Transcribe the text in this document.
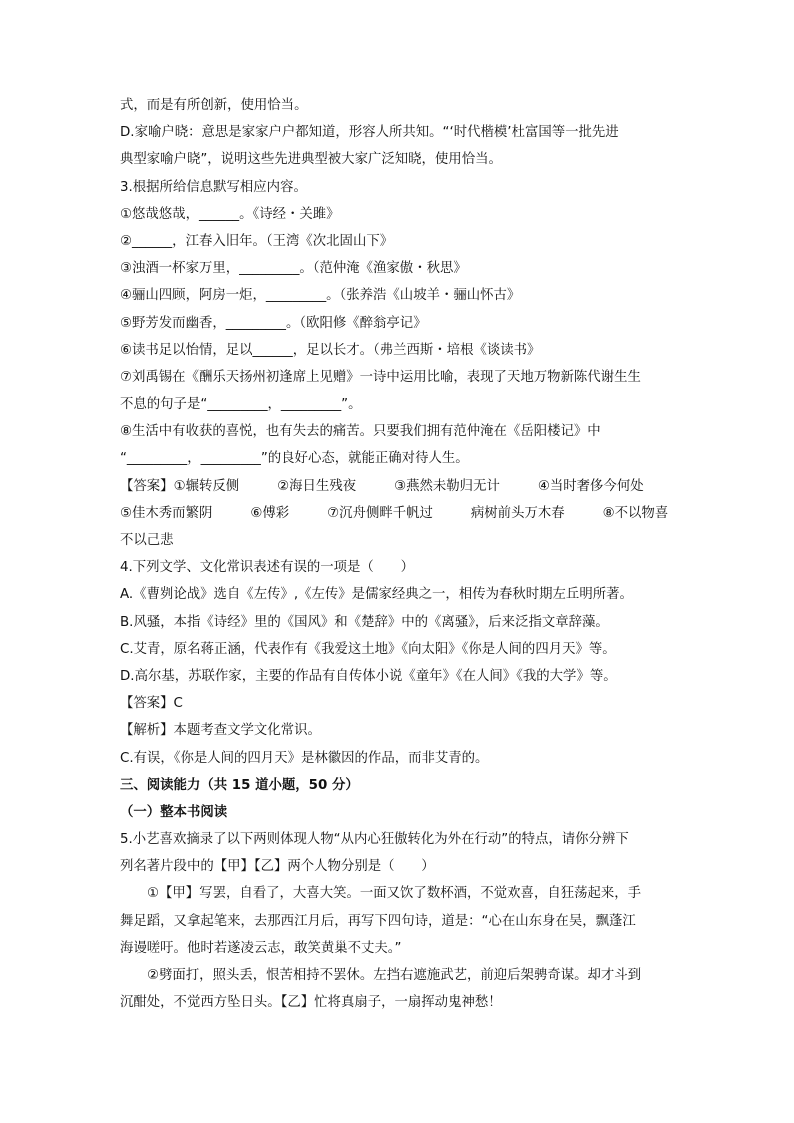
式，而是有所创新，使用恰当。
D.家喻户晓：意思是家家户户都知道，形容人所共知。“‘时代楷模’杜富国等一批先进
典型家喻户晓”，说明这些先进典型被大家广泛知晓，使用恰当。
3.根据所给信息默写相应内容。
①悠哉悠哉，______。《诗经・关雎》
②______，江春入旧年。（王湾《次北固山下》
③浊酒一杯家万里，_________。（范仲淹《渔家傲・秋思》
④骊山四顾，阿房一炬，_________。（张养浩《山坡羊・骊山怀古》
⑤野芳发而幽香，_________。（欧阳修《醉翁亭记》
⑥读书足以怡情，足以______，足以长才。（弗兰西斯・培根《谈读书》
⑦刘禹锡在《酬乐天扬州初逢席上见赠》一诗中运用比喻，表现了天地万物新陈代谢生生
不息的句子是“_________，_________”。
⑧生活中有收获的喜悦，也有失去的痛苦。只要我们拥有范仲淹在《岳阳楼记》中
“_________，_________”的良好心态，就能正确对待人生。
【答案】①辗转反侧	②海日生残夜	③燕然未勒归无计	④当时奢侈今何处
⑤佳木秀而繁阴	⑥傅彩	⑦沉舟侧畔千帆过	病树前头万木春	⑧不以物喜
不以己悲
4.下列文学、文化常识表述有误的一项是（　　）
A.《曹刿论战》选自《左传》,《左传》是儒家经典之一，相传为春秋时期左丘明所著。
B.风骚，本指《诗经》里的《国风》和《楚辞》中的《离骚》，后来泛指文章辞藻。
C.艾青，原名蒋正涵，代表作有《我爱这土地》《向太阳》《你是人间的四月天》等。
D.高尔基，苏联作家，主要的作品有自传体小说《童年》《在人间》《我的大学》等。
【答案】C
【解析】本题考查文学文化常识。
C.有误，《你是人间的四月天》是林徽因的作品，而非艾青的。
三、阅读能力（共 15 道小题，50 分）
（一）整本书阅读
5.小艺喜欢摘录了以下两则体现人物“从内心狂傲转化为外在行动”的特点，请你分辨下
列名著片段中的【甲】【乙】两个人物分别是（　　）
①【甲】写罢，自看了，大喜大笑。一面又饮了数杯酒，不觉欢喜，自狂荡起来，手
舞足蹈，又拿起笔来，去那西江月后，再写下四句诗，道是：“心在山东身在吴，飘蓬江
海谩嗟吁。他时若遂凌云志，敢笑黄巢不丈夫。”
②劈面打，照头丢，恨苦相持不罢休。左挡右遮施武艺，前迎后架骋奇谋。却才斗到
沉酣处，不觉西方坠日头。【乙】忙将真扇子，一扇挥动鬼神愁！
